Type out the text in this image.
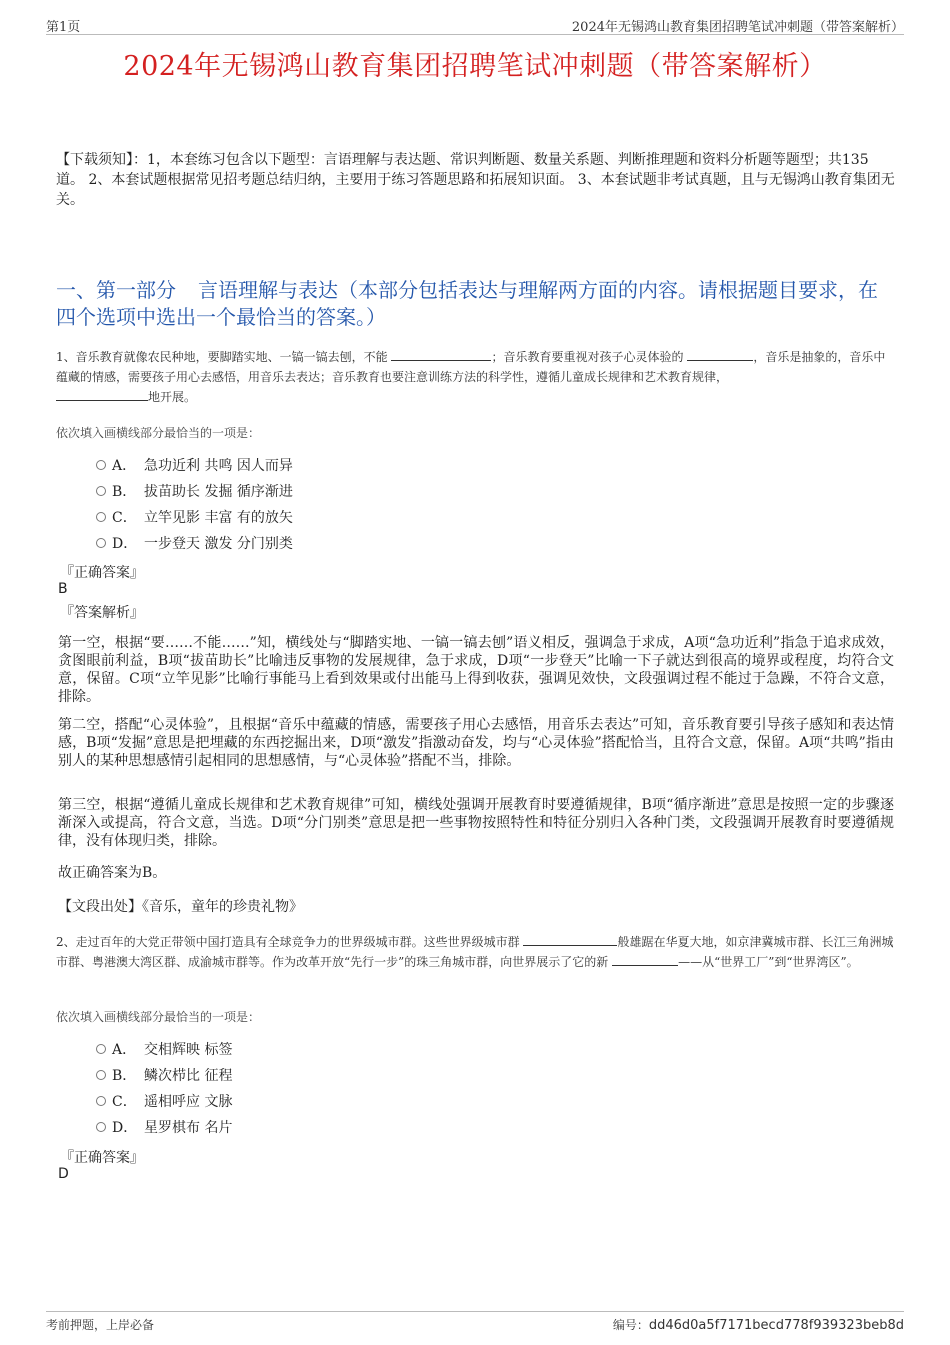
第1页	2024年无锡鸿山教育集团招聘笔试冲刺题（带答案解析）
2024年无锡鸿山教育集团招聘笔试冲刺题（带答案解析）
【下载须知】：1，本套练习包含以下题型：言语理解与表达题、常识判断题、数量关系题、判断推理题和资料分析题等题型；共135道。 2、本套试题根据常见招考题总结归纳，主要用于练习答题思路和拓展知识面。 3、本套试题非考试真题，且与无锡鸿山教育集团无关。
一、第一部分 言语理解与表达（本部分包括表达与理解两方面的内容。请根据题目要求，在四个选项中选出一个最恰当的答案。）
1、音乐教育就像农民种地，要脚踏实地、一镐一镐去刨，不能	；音乐教育要重视对孩子心灵体验的	，音乐是抽象的，音乐中蕴藏的情感，需要孩子用心去感悟，用音乐去表达；音乐教育也要注意训练方法的科学性，遵循儿童成长规律和艺术教育规律，
地开展。
依次填入画横线部分最恰当的一项是：
A． 急功近利 共鸣 因人而异
B． 拔苗助长 发掘 循序渐进
C． 立竿见影 丰富 有的放矢
D． 一步登天 激发 分门别类
『正确答案』
B
『答案解析』
第一空，根据“要……不能……”知，横线处与“脚踏实地、一镐一镐去刨”语义相反，强调急于求成，A项“急功近利”指急于追求成效，贪图眼前利益，B项“拔苗助长”比喻违反事物的发展规律，急于求成，D项“一步登天”比喻一下子就达到很高的境界或程度，均符合文意，保留。C项“立竿见影”比喻行事能马上看到效果或付出能马上得到收获，强调见效快，文段强调过程不能过于急躁，不符合文意，排除。
第二空，搭配“心灵体验”，且根据“音乐中蕴藏的情感，需要孩子用心去感悟，用音乐去表达”可知，音乐教育要引导孩子感知和表达情感，B项“发掘”意思是把埋藏的东西挖掘出来，D项“激发”指激动奋发，均与“心灵体验”搭配恰当，且符合文意，保留。A项“共鸣”指由别人的某种思想感情引起相同的思想感情，与“心灵体验”搭配不当，排除。
第三空，根据“遵循儿童成长规律和艺术教育规律”可知，横线处强调开展教育时要遵循规律，B项“循序渐进”意思是按照一定的步骤逐渐深入或提高，符合文意，当选。D项“分门别类”意思是把一些事物按照特性和特征分别归入各种门类，文段强调开展教育时要遵循规律，没有体现归类，排除。
故正确答案为B。
【文段出处】《音乐，童年的珍贵礼物》
2、走过百年的大党正带领中国打造具有全球竞争力的世界级城市群。这些世界级城市群	般雄踞在华夏大地，如京津冀城市群、长江三角洲城市群、粤港澳大湾区群、成渝城市群等。作为改革开放“先行一步”的珠三角城市群，向世界展示了它的新	——从“世界工厂”到“世界湾区”。
依次填入画横线部分最恰当的一项是：
A． 交相辉映 标签
B． 鳞次栉比 征程
C． 遥相呼应 文脉
D． 星罗棋布 名片
『正确答案』
D
考前押题，上岸必备	编号：dd46d0a5f7171becd778f939323beb8d
